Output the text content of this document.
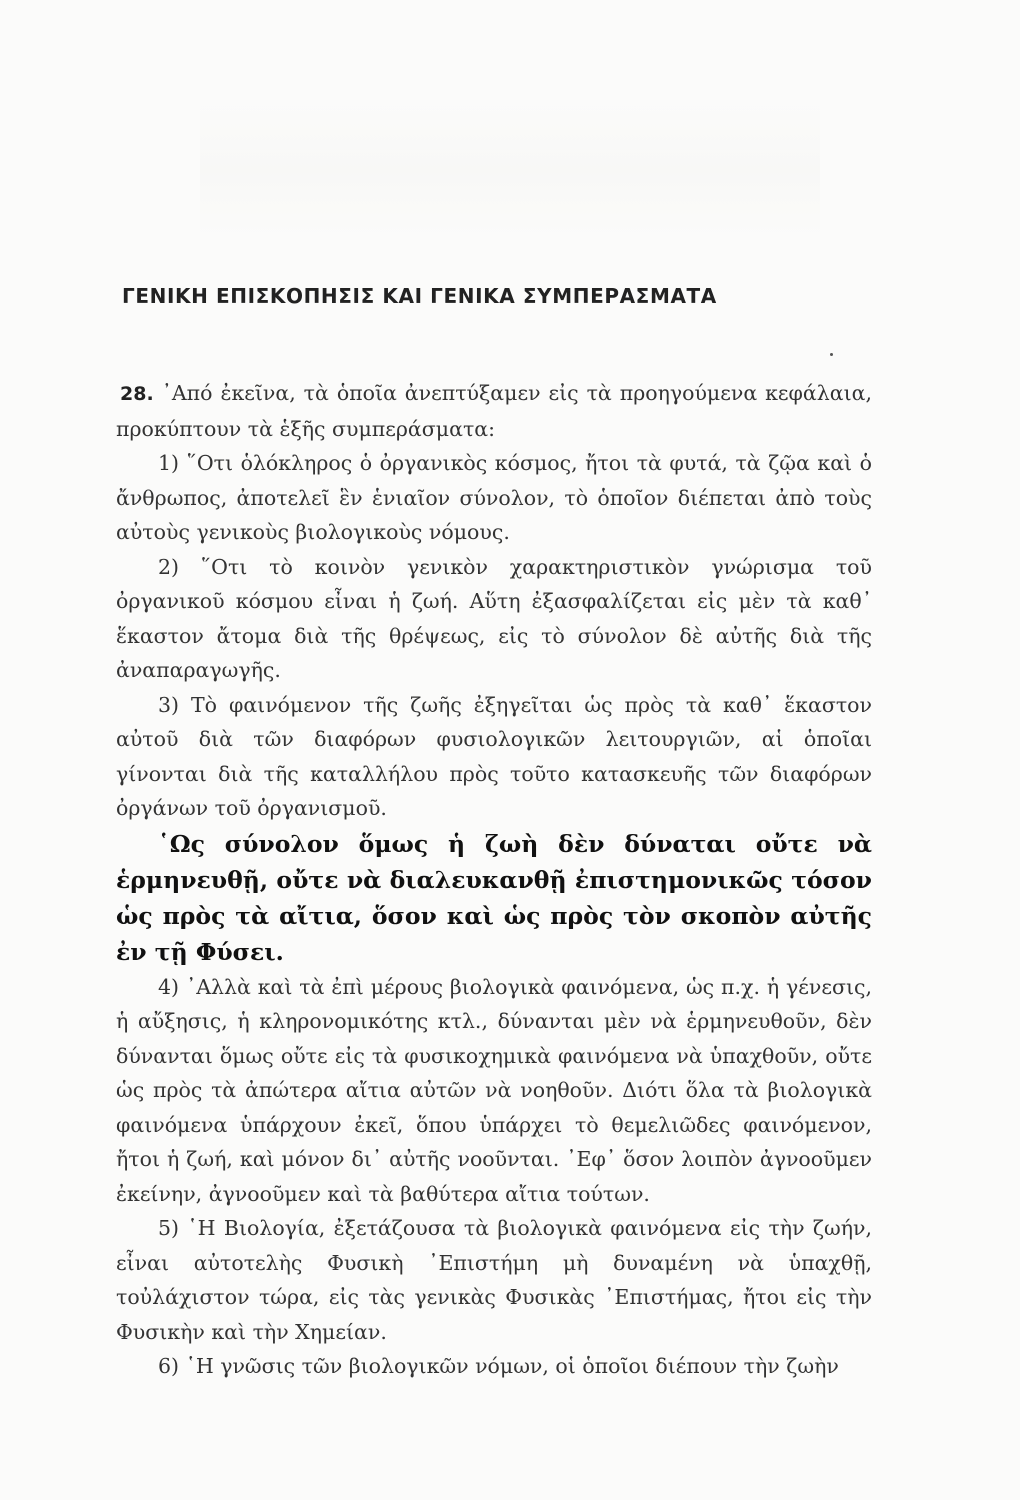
ΓΕΝΙΚΗ ΕΠΙΣΚΟΠΗΣΙΣ ΚΑΙ ΓΕΝΙΚΑ ΣΥΜΠΕΡΑΣΜΑΤΑ

28. ᾿Από ἐκεῖνα, τὰ ὁποῖα ἀνεπτύξαμεν εἰς τὰ προηγούμενα κεφάλαια, προκύπτουν τὰ ἑξῆς συμπεράσματα:

1) ῞Οτι ὁλόκληρος ὁ ὀργανικὸς κόσμος, ἤτοι τὰ φυτά, τὰ ζῷα καὶ ὁ ἄνθρωπος, ἀποτελεῖ ἓν ἑνιαῖον σύνολον, τὸ ὁποῖον διέπεται ἀπὸ τοὺς αὐτοὺς γενικοὺς βιολογικοὺς νόμους.

2) ῞Οτι τὸ κοινὸν γενικὸν χαρακτηριστικὸν γνώρισμα τοῦ ὀργανικοῦ κόσμου εἶναι ἡ ζωή. Αὕτη ἐξασφαλίζεται εἰς μὲν τὰ καθ᾿ ἕκαστον ἄτομα διὰ τῆς θρέψεως, εἰς τὸ σύνολον δὲ αὐτῆς διὰ τῆς ἀναπαραγωγῆς.

3) Τὸ φαινόμενον τῆς ζωῆς ἐξηγεῖται ὡς πρὸς τὰ καθ᾿ ἕκαστον αὐτοῦ διὰ τῶν διαφόρων φυσιολογικῶν λειτουργιῶν, αἱ ὁποῖαι γίνονται διὰ τῆς καταλλήλου πρὸς τοῦτο κατασκευῆς τῶν διαφόρων ὀργάνων τοῦ ὀργανισμοῦ.

῾Ως σύνολον ὅμως ἡ ζωὴ δὲν δύναται οὔτε νὰ ἑρμηνευθῇ, οὔτε νὰ διαλευκανθῇ ἐπιστημονικῶς τόσον ὡς πρὸς τὰ αἴτια, ὅσον καὶ ὡς πρὸς τὸν σκοπὸν αὐτῆς ἐν τῇ Φύσει.

4) ᾿Αλλὰ καὶ τὰ ἐπὶ μέρους βιολογικὰ φαινόμενα, ὡς π.χ. ἡ γένεσις, ἡ αὔξησις, ἡ κληρονομικότης κτλ., δύνανται μὲν νὰ ἑρμηνευθοῦν, δὲν δύνανται ὅμως οὔτε εἰς τὰ φυσικοχημικὰ φαινόμενα νὰ ὑπαχθοῦν, οὔτε ὡς πρὸς τὰ ἀπώτερα αἴτια αὐτῶν νὰ νοηθοῦν. Διότι ὅλα τὰ βιολογικὰ φαινόμενα ὑπάρχουν ἐκεῖ, ὅπου ὑπάρχει τὸ θεμελιῶδες φαινόμενον, ἤτοι ἡ ζωή, καὶ μόνον δι᾿ αὐτῆς νοοῦνται. ᾿Εφ᾿ ὅσον λοιπὸν ἀγνοοῦμεν ἐκείνην, ἀγνοοῦμεν καὶ τὰ βαθύτερα αἴτια τούτων.

5) ῾Η Βιολογία, ἐξετάζουσα τὰ βιολογικὰ φαινόμενα εἰς τὴν ζωήν, εἶναι αὐτοτελὴς Φυσικὴ ᾿Επιστήμη μὴ δυναμένη νὰ ὑπαχθῇ, τοὐλάχιστον τώρα, εἰς τὰς γενικὰς Φυσικὰς ᾿Επιστήμας, ἤτοι εἰς τὴν Φυσικὴν καὶ τὴν Χημείαν.

6) ῾Η γνῶσις τῶν βιολογικῶν νόμων, οἱ ὁποῖοι διέπουν τὴν ζωὴν
